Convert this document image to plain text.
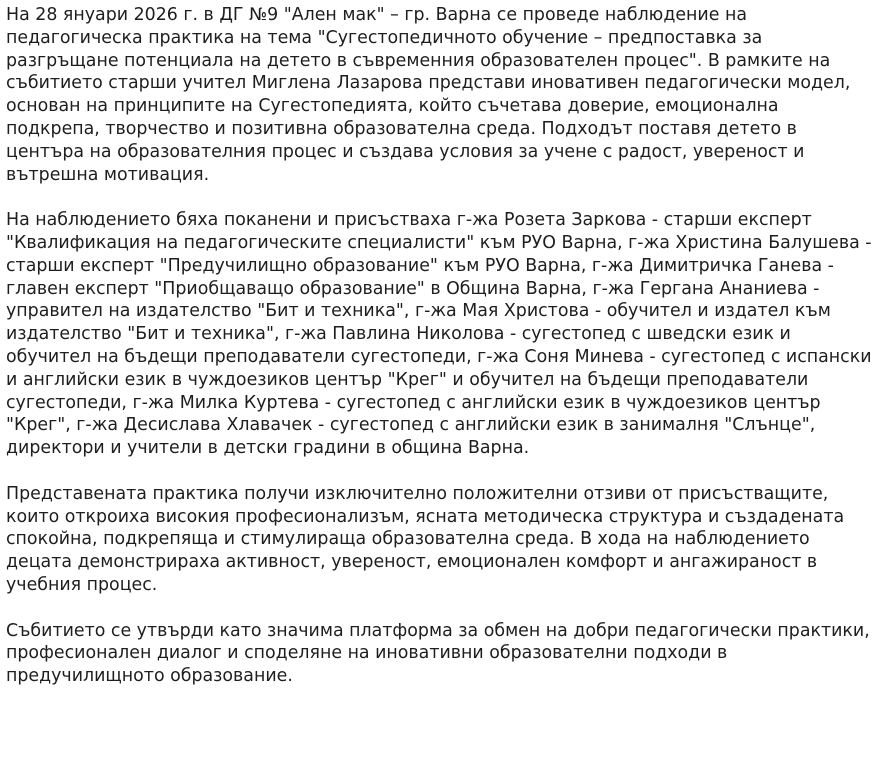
На 28 януари 2026 г. в ДГ №9 "Ален мак" – гр. Варна се проведе наблюдение на педагогическа практика на тема "Сугестопедичното обучение – предпоставка за разгръщане потенциала на детето в съвременния образователен процес". В рамките на събитието старши учител Миглена Лазарова представи иновативен педагогически модел, основан на принципите на Сугестопедията, който съчетава доверие, емоционална подкрепа, творчество и позитивна образователна среда. Подходът поставя детето в центъра на образователния процес и създава условия за учене с радост, увереност и вътрешна мотивация.

На наблюдението бяха поканени и присъстваха г-жа Розета Заркова - старши експерт "Квалификация на педагогическите специалисти" към РУО Варна, г-жа Христина Балушева - старши експерт "Предучилищно образование" към РУО Варна, г-жа Димитричка Ганева - главен експерт "Приобщаващо образование" в Община Варна, г-жа Гергана Ананиева - управител на издателство "Бит и техника", г-жа Мая Христова - обучител и издател към издателство "Бит и техника", г-жа Павлина Николова - сугестопед с шведски език и обучител на бъдещи преподаватели сугестопеди, г-жа Соня Минева - сугестопед с испански и английски език в чуждоезиков център "Крег" и обучител на бъдещи преподаватели сугестопеди, г-жа Милка Куртева - сугестопед с английски език в чуждоезиков център "Крег", г-жа Десислава Хлавачек - сугестопед с английски език в занималня "Слънце", директори и учители в детски градини в община Варна.

Представената практика получи изключително положителни отзиви от присъстващите, които откроиха високия професионализъм, ясната методическа структура и създадената спокойна, подкрепяща и стимулираща образователна среда. В хода на наблюдението децата демонстрираха активност, увереност, емоционален комфорт и ангажираност в учебния процес.

Събитието се утвърди като значима платформа за обмен на добри педагогически практики, професионален диалог и споделяне на иновативни образователни подходи в предучилищното образование.
